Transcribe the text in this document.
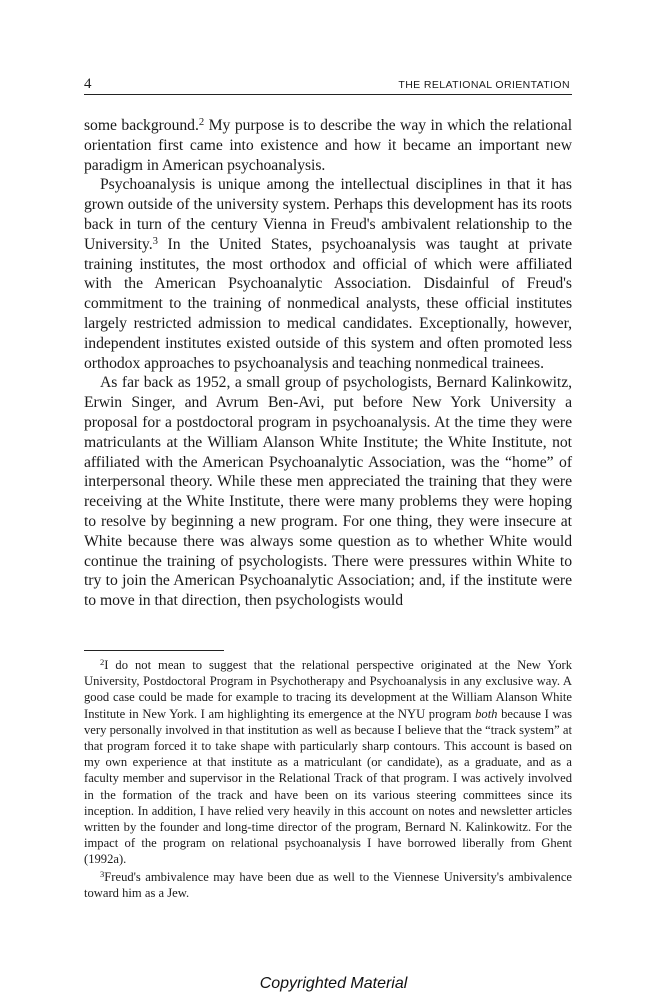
4	THE RELATIONAL ORIENTATION

some background.$^2$ My purpose is to describe the way in which the relational orientation first came into existence and how it became an important new paradigm in American psychoanalysis.

Psychoanalysis is unique among the intellectual disciplines in that it has grown outside of the university system. Perhaps this development has its roots back in turn of the century Vienna in Freud's ambivalent relationship to the University.$^3$ In the United States, psychoanalysis was taught at private training institutes, the most orthodox and official of which were affiliated with the American Psychoanalytic Association. Disdainful of Freud's commitment to the training of nonmedical analysts, these official institutes largely restricted admission to medical candidates. Exceptionally, however, independent institutes existed outside of this system and often promoted less orthodox approaches to psychoanalysis and teaching nonmedical trainees.

As far back as 1952, a small group of psychologists, Bernard Kalinkowitz, Erwin Singer, and Avrum Ben-Avi, put before New York University a proposal for a postdoctoral program in psychoanalysis. At the time they were matriculants at the William Alanson White Institute; the White Institute, not affiliated with the American Psychoanalytic Association, was the “home” of interpersonal theory. While these men appreciated the training that they were receiving at the White Institute, there were many problems they were hoping to resolve by beginning a new program. For one thing, they were insecure at White because there was always some question as to whether White would continue the training of psychologists. There were pressures within White to try to join the American Psychoanalytic Association; and, if the institute were to move in that direction, then psychologists would

$^2$I do not mean to suggest that the relational perspective originated at the New York University, Postdoctoral Program in Psychotherapy and Psychoanalysis in any exclusive way. A good case could be made for example to tracing its development at the William Alanson White Institute in New York. I am highlighting its emergence at the NYU program both because I was very personally involved in that institution as well as because I believe that the “track system” at that program forced it to take shape with particularly sharp contours. This account is based on my own experience at that institute as a matriculant (or candidate), as a graduate, and as a faculty member and supervisor in the Relational Track of that program. I was actively involved in the formation of the track and have been on its various steering committees since its inception. In addition, I have relied very heavily in this account on notes and newsletter articles written by the founder and long-time director of the program, Bernard N. Kalinkowitz. For the impact of the program on relational psychoanalysis I have borrowed liberally from Ghent (1992a).

$^3$Freud's ambivalence may have been due as well to the Viennese University's ambivalence toward him as a Jew.

Copyrighted Material
